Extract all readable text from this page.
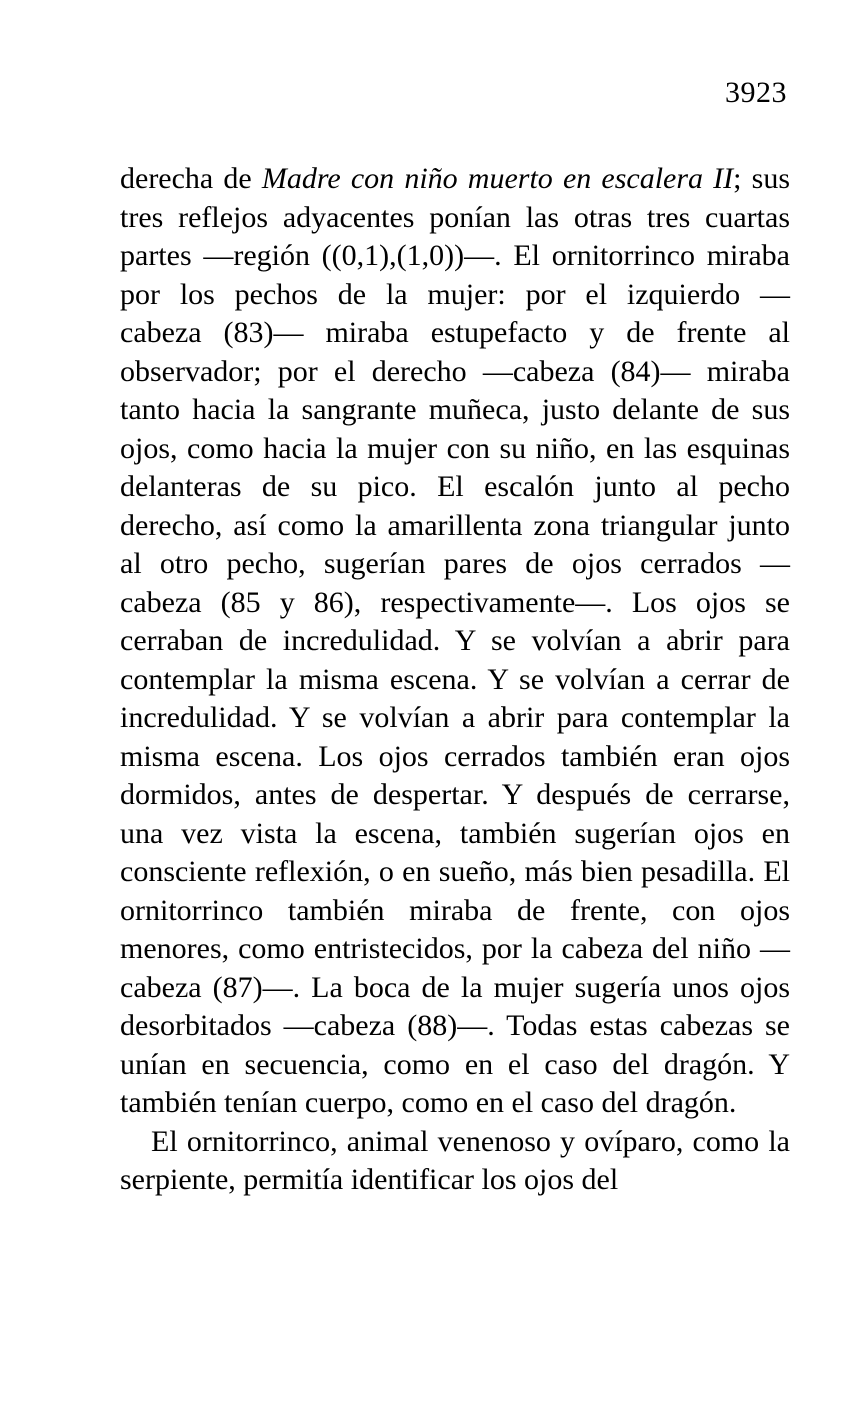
3923

derecha de Madre con niño muerto en escalera II; sus tres reflejos adyacentes ponían las otras tres cuartas partes —región ((0,1),(1,0))—. El ornitorrinco miraba por los pechos de la mujer: por el izquierdo —cabeza (83)— miraba estupefacto y de frente al observador; por el derecho —cabeza (84)— miraba tanto hacia la sangrante muñeca, justo delante de sus ojos, como hacia la mujer con su niño, en las esquinas delanteras de su pico. El escalón junto al pecho derecho, así como la amarillenta zona triangular junto al otro pecho, sugerían pares de ojos cerrados —cabeza (85 y 86), respectivamente—. Los ojos se cerraban de incredulidad. Y se volvían a abrir para contemplar la misma escena. Y se volvían a cerrar de incredulidad. Y se volvían a abrir para contemplar la misma escena. Los ojos cerrados también eran ojos dormidos, antes de despertar. Y después de cerrarse, una vez vista la escena, también sugerían ojos en consciente reflexión, o en sueño, más bien pesadilla. El ornitorrinco también miraba de frente, con ojos menores, como entristecidos, por la cabeza del niño —cabeza (87)—. La boca de la mujer sugería unos ojos desorbitados —cabeza (88)—. Todas estas cabezas se unían en secuencia, como en el caso del dragón. Y también tenían cuerpo, como en el caso del dragón.

El ornitorrinco, animal venenoso y ovíparo, como la serpiente, permitía identificar los ojos del
